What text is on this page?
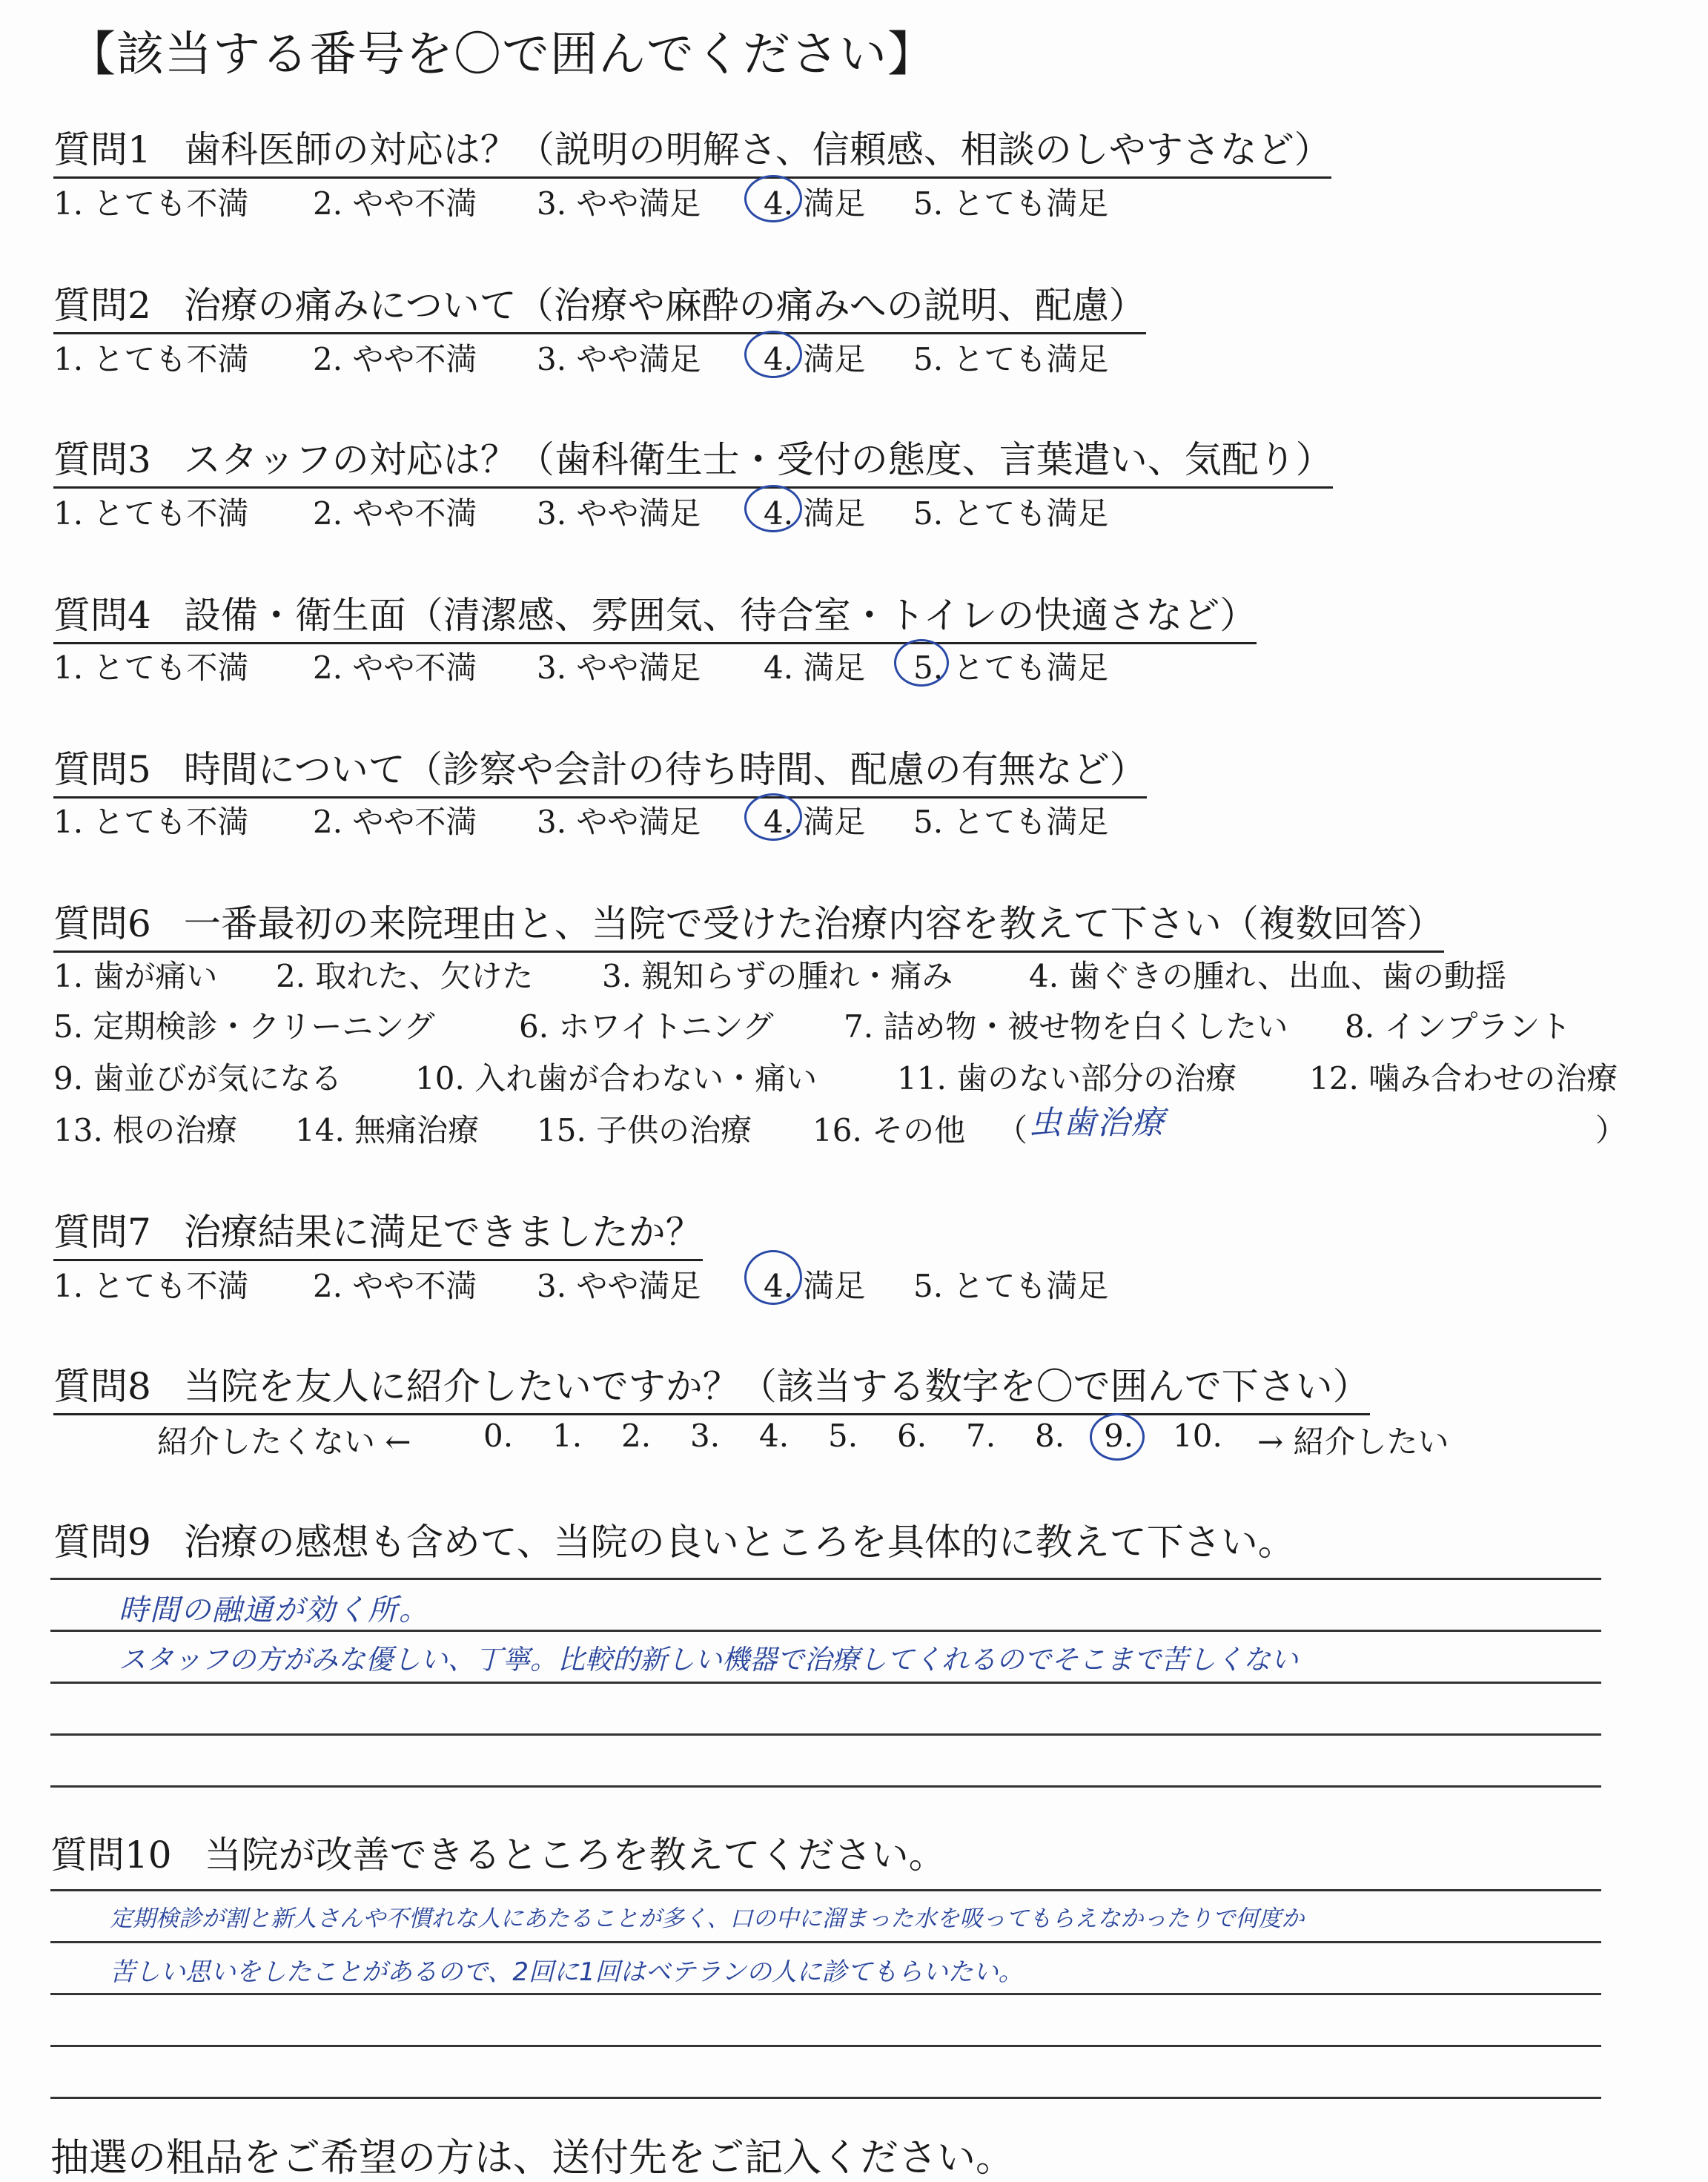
【該当する番号を〇で囲んでください】
質問1 歯科医師の対応は？（説明の明解さ、信頼感、相談のしやすさなど）
1. とても不満 2. やや不満 3. やや満足 4. 満足 5. とても満足
質問2 治療の痛みについて（治療や麻酔の痛みへの説明、配慮）
1. とても不満 2. やや不満 3. やや満足 4. 満足 5. とても満足
質問3 スタッフの対応は？（歯科衛生士・受付の態度、言葉遣い、気配り）
1. とても不満 2. やや不満 3. やや満足 4. 満足 5. とても満足
質問4 設備・衛生面（清潔感、雰囲気、待合室・トイレの快適さなど）
1. とても不満 2. やや不満 3. やや満足 4. 満足 5. とても満足
質問5 時間について（診察や会計の待ち時間、配慮の有無など）
1. とても不満 2. やや不満 3. やや満足 4. 満足 5. とても満足
質問6 一番最初の来院理由と、当院で受けた治療内容を教えて下さい（複数回答）
1. 歯が痛い 2. 取れた、欠けた 3. 親知らずの腫れ・痛み 4. 歯ぐきの腫れ、出血、歯の動揺
5. 定期検診・クリーニング	6. ホワイトニング 7. 詰め物・被せ物を白くしたい 8. インプラント
9. 歯並びが気になる 10. 入れ歯が合わない・痛い	11. 歯のない部分の治療 12. 噛み合わせの治療
13. 根の治療 14. 無痛治療 15. 子供の治療 16. その他 （ 虫歯治療	）
質問7 治療結果に満足できましたか？
1. とても不満 2. やや不満 3. やや満足 4. 満足 5. とても満足
質問8 当院を友人に紹介したいですか？（該当する数字を〇で囲んで下さい）
紹介したくない ← 0. 1. 2. 3. 4. 5. 6. 7. 8. 9. 10. → 紹介したい
質問9 治療の感想も含めて、当院の良いところを具体的に教えて下さい。
時間の融通が効く所。
スタッフの方がみな優しい、丁寧。比較的新しい機器で治療してくれるのでそこまで苦しくない
質問10 当院が改善できるところを教えてください。
定期検診が割と新人さんや不慣れな人にあたることが多く、口の中に溜まった水を吸ってもらえなかったりで何度か
苦しい思いをしたことがあるので、2回に1回はベテランの人に診てもらいたい。
抽選の粗品をご希望の方は、送付先をご記入ください。
